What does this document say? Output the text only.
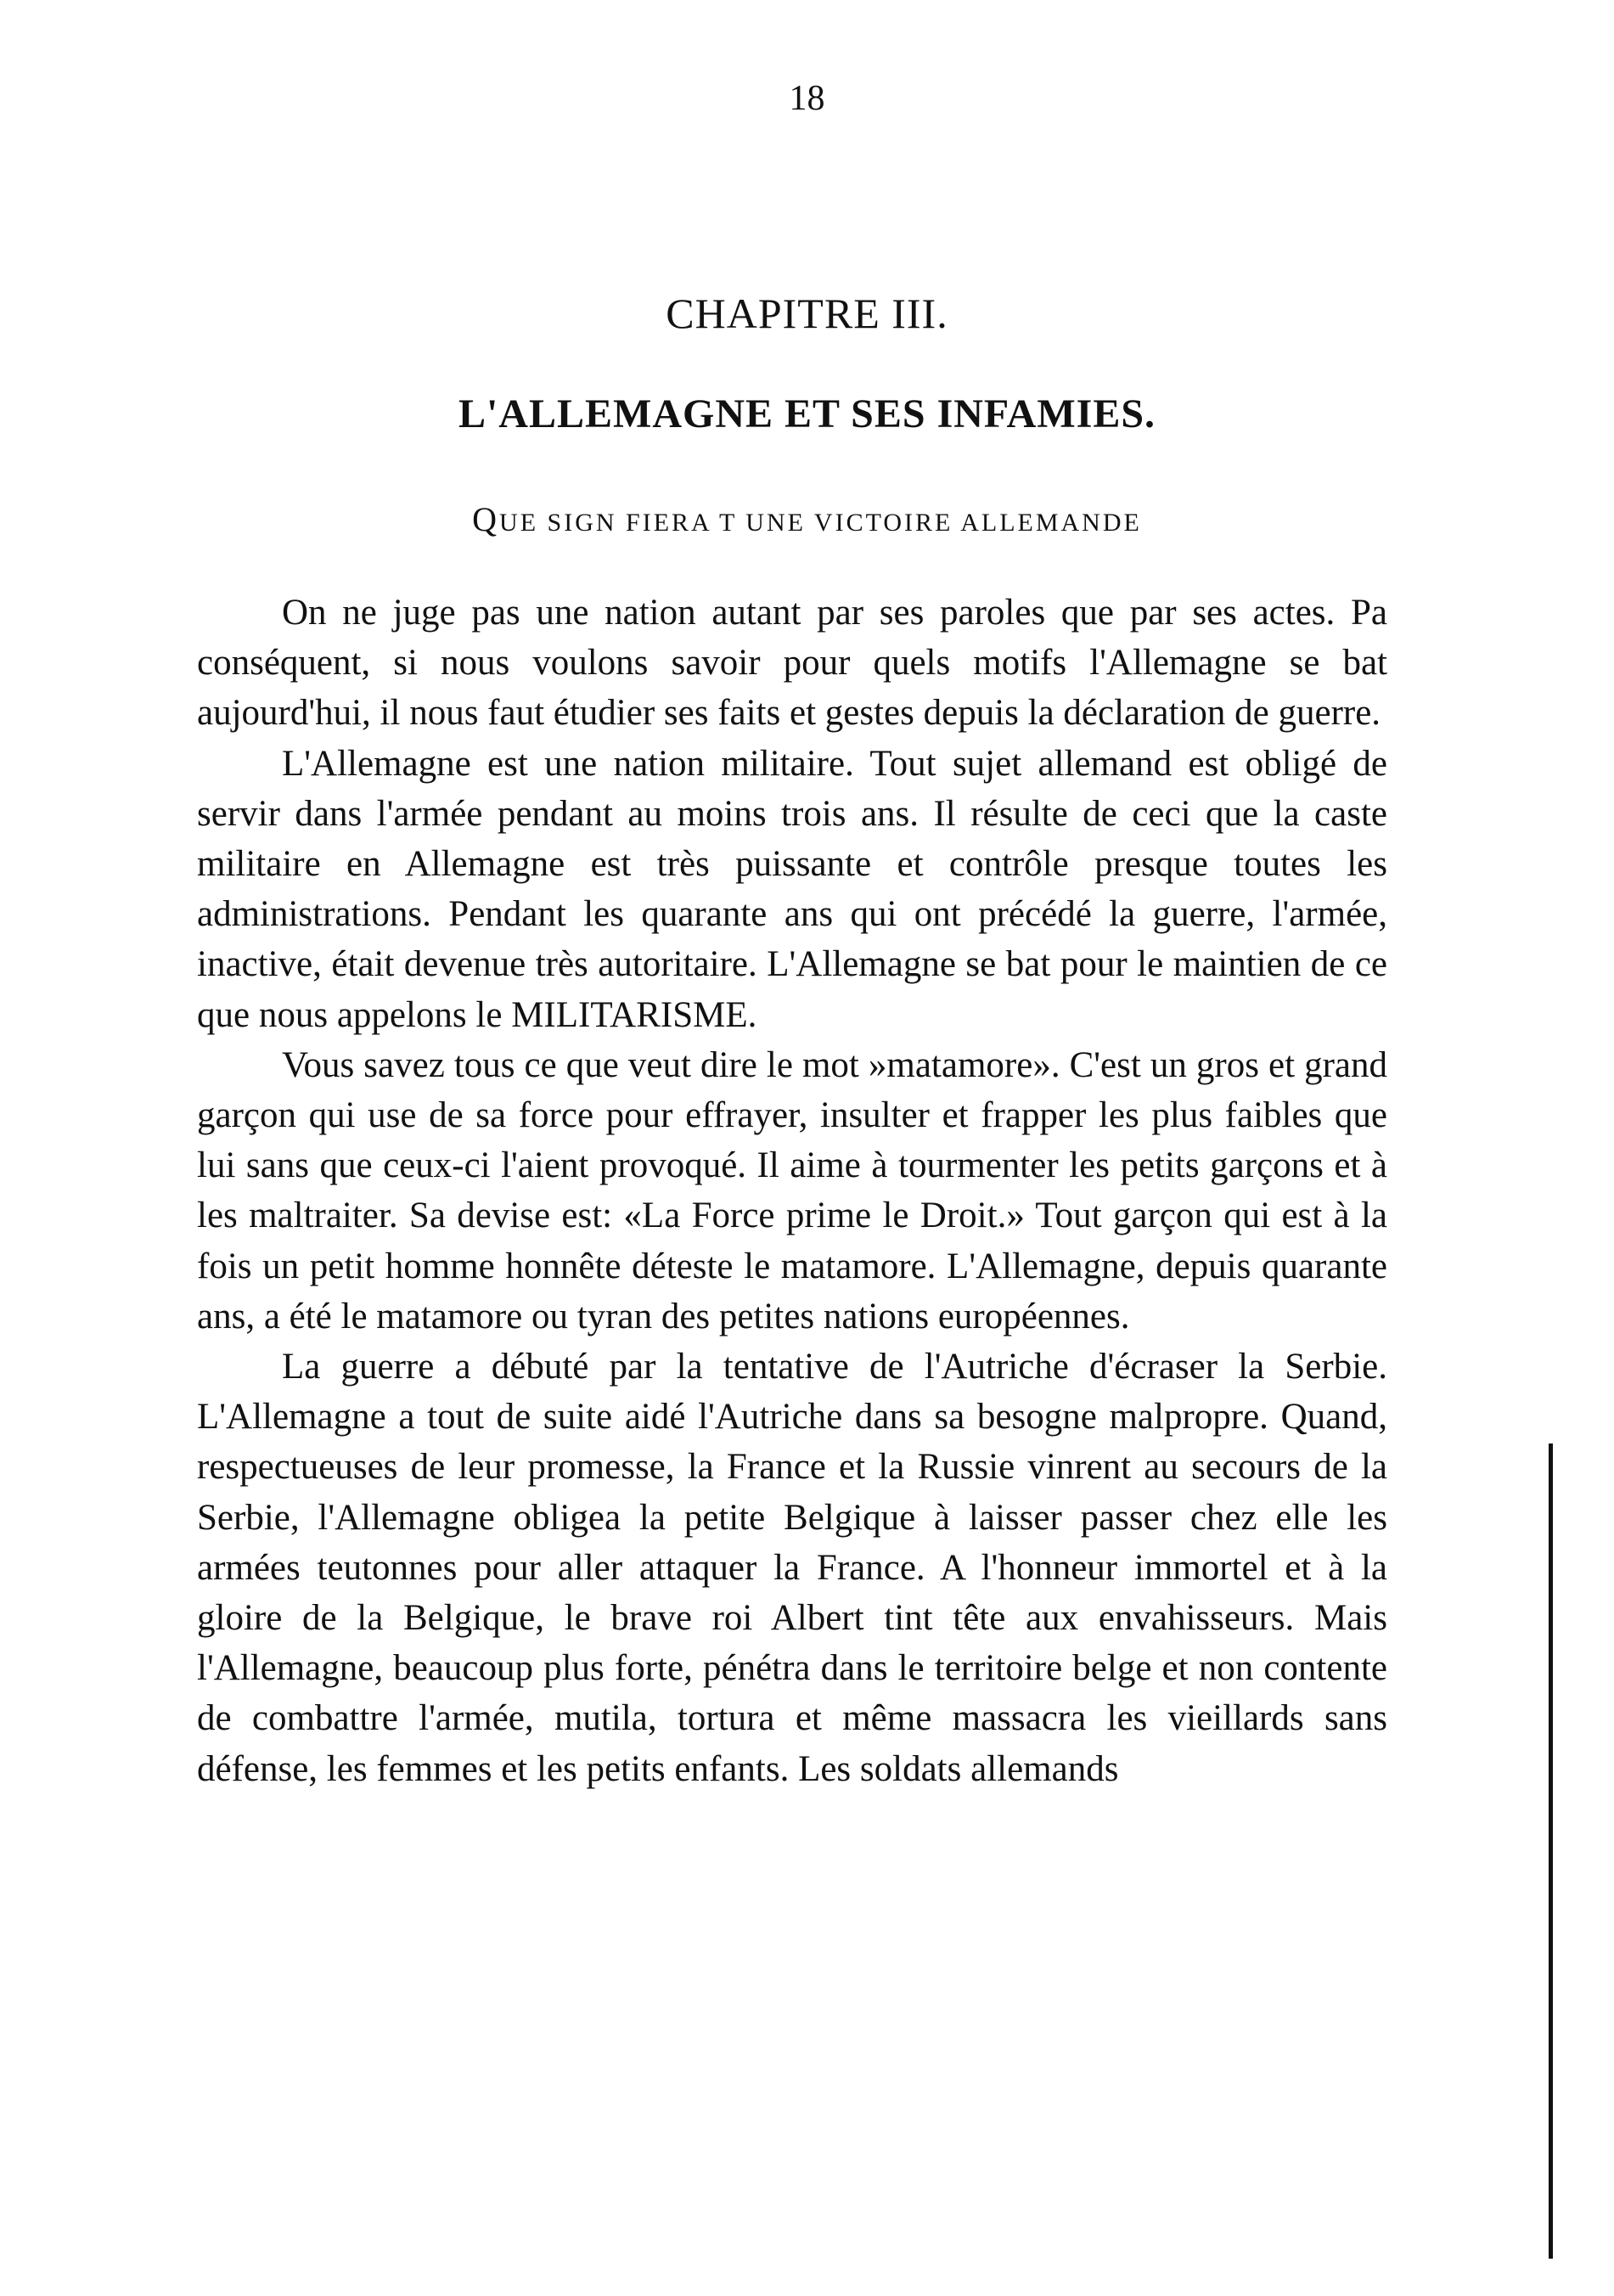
18
CHAPITRE III.
L'ALLEMAGNE ET SES INFAMIES.
QUE SIGN FIERA T UNE VICTOIRE ALLEMANDE

On ne juge pas une nation autant par ses paroles que par ses actes. Pa conséquent, si nous voulons savoir pour quels motifs l'Allemagne se bat aujourd'hui, il nous faut étudier ses faits et gestes depuis la déclaration de guerre.

L'Allemagne est une nation militaire. Tout sujet allemand est obligé de servir dans l'armée pendant au moins trois ans. Il résulte de ceci que la caste militaire en Allemagne est très puissante et contrôle presque toutes les administrations. Pendant les quarante ans qui ont précédé la guerre, l'armée, inactive, était devenue très autoritaire. L'Allemagne se bat pour le maintien de ce que nous appelons le MILITARISME.

Vous savez tous ce que veut dire le mot »matamore». C'est un gros et grand garçon qui use de sa force pour effrayer, insulter et frapper les plus faibles que lui sans que ceux-ci l'aient provoqué. Il aime à tourmenter les petits garçons et à les maltraiter. Sa devise est: «La Force prime le Droit.» Tout garçon qui est à la fois un petit homme honnête déteste le matamore. L'Allemagne, depuis quarante ans, a été le matamore ou tyran des petites nations européennes.

La guerre a débuté par la tentative de l'Autriche d'écraser la Serbie. L'Allemagne a tout de suite aidé l'Autriche dans sa besogne malpropre. Quand, respectueuses de leur promesse, la France et la Russie vinrent au secours de la Serbie, l'Allemagne obligea la petite Belgique à laisser passer chez elle les armées teutonnes pour aller attaquer la France. A l'honneur immortel et à la gloire de la Belgique, le brave roi Albert tint tête aux envahisseurs. Mais l'Allemagne, beaucoup plus forte, pénétra dans le territoire belge et non contente de combattre l'armée, mutila, tortura et même massacra les vieillards sans défense, les femmes et les petits enfants. Les soldats allemands
